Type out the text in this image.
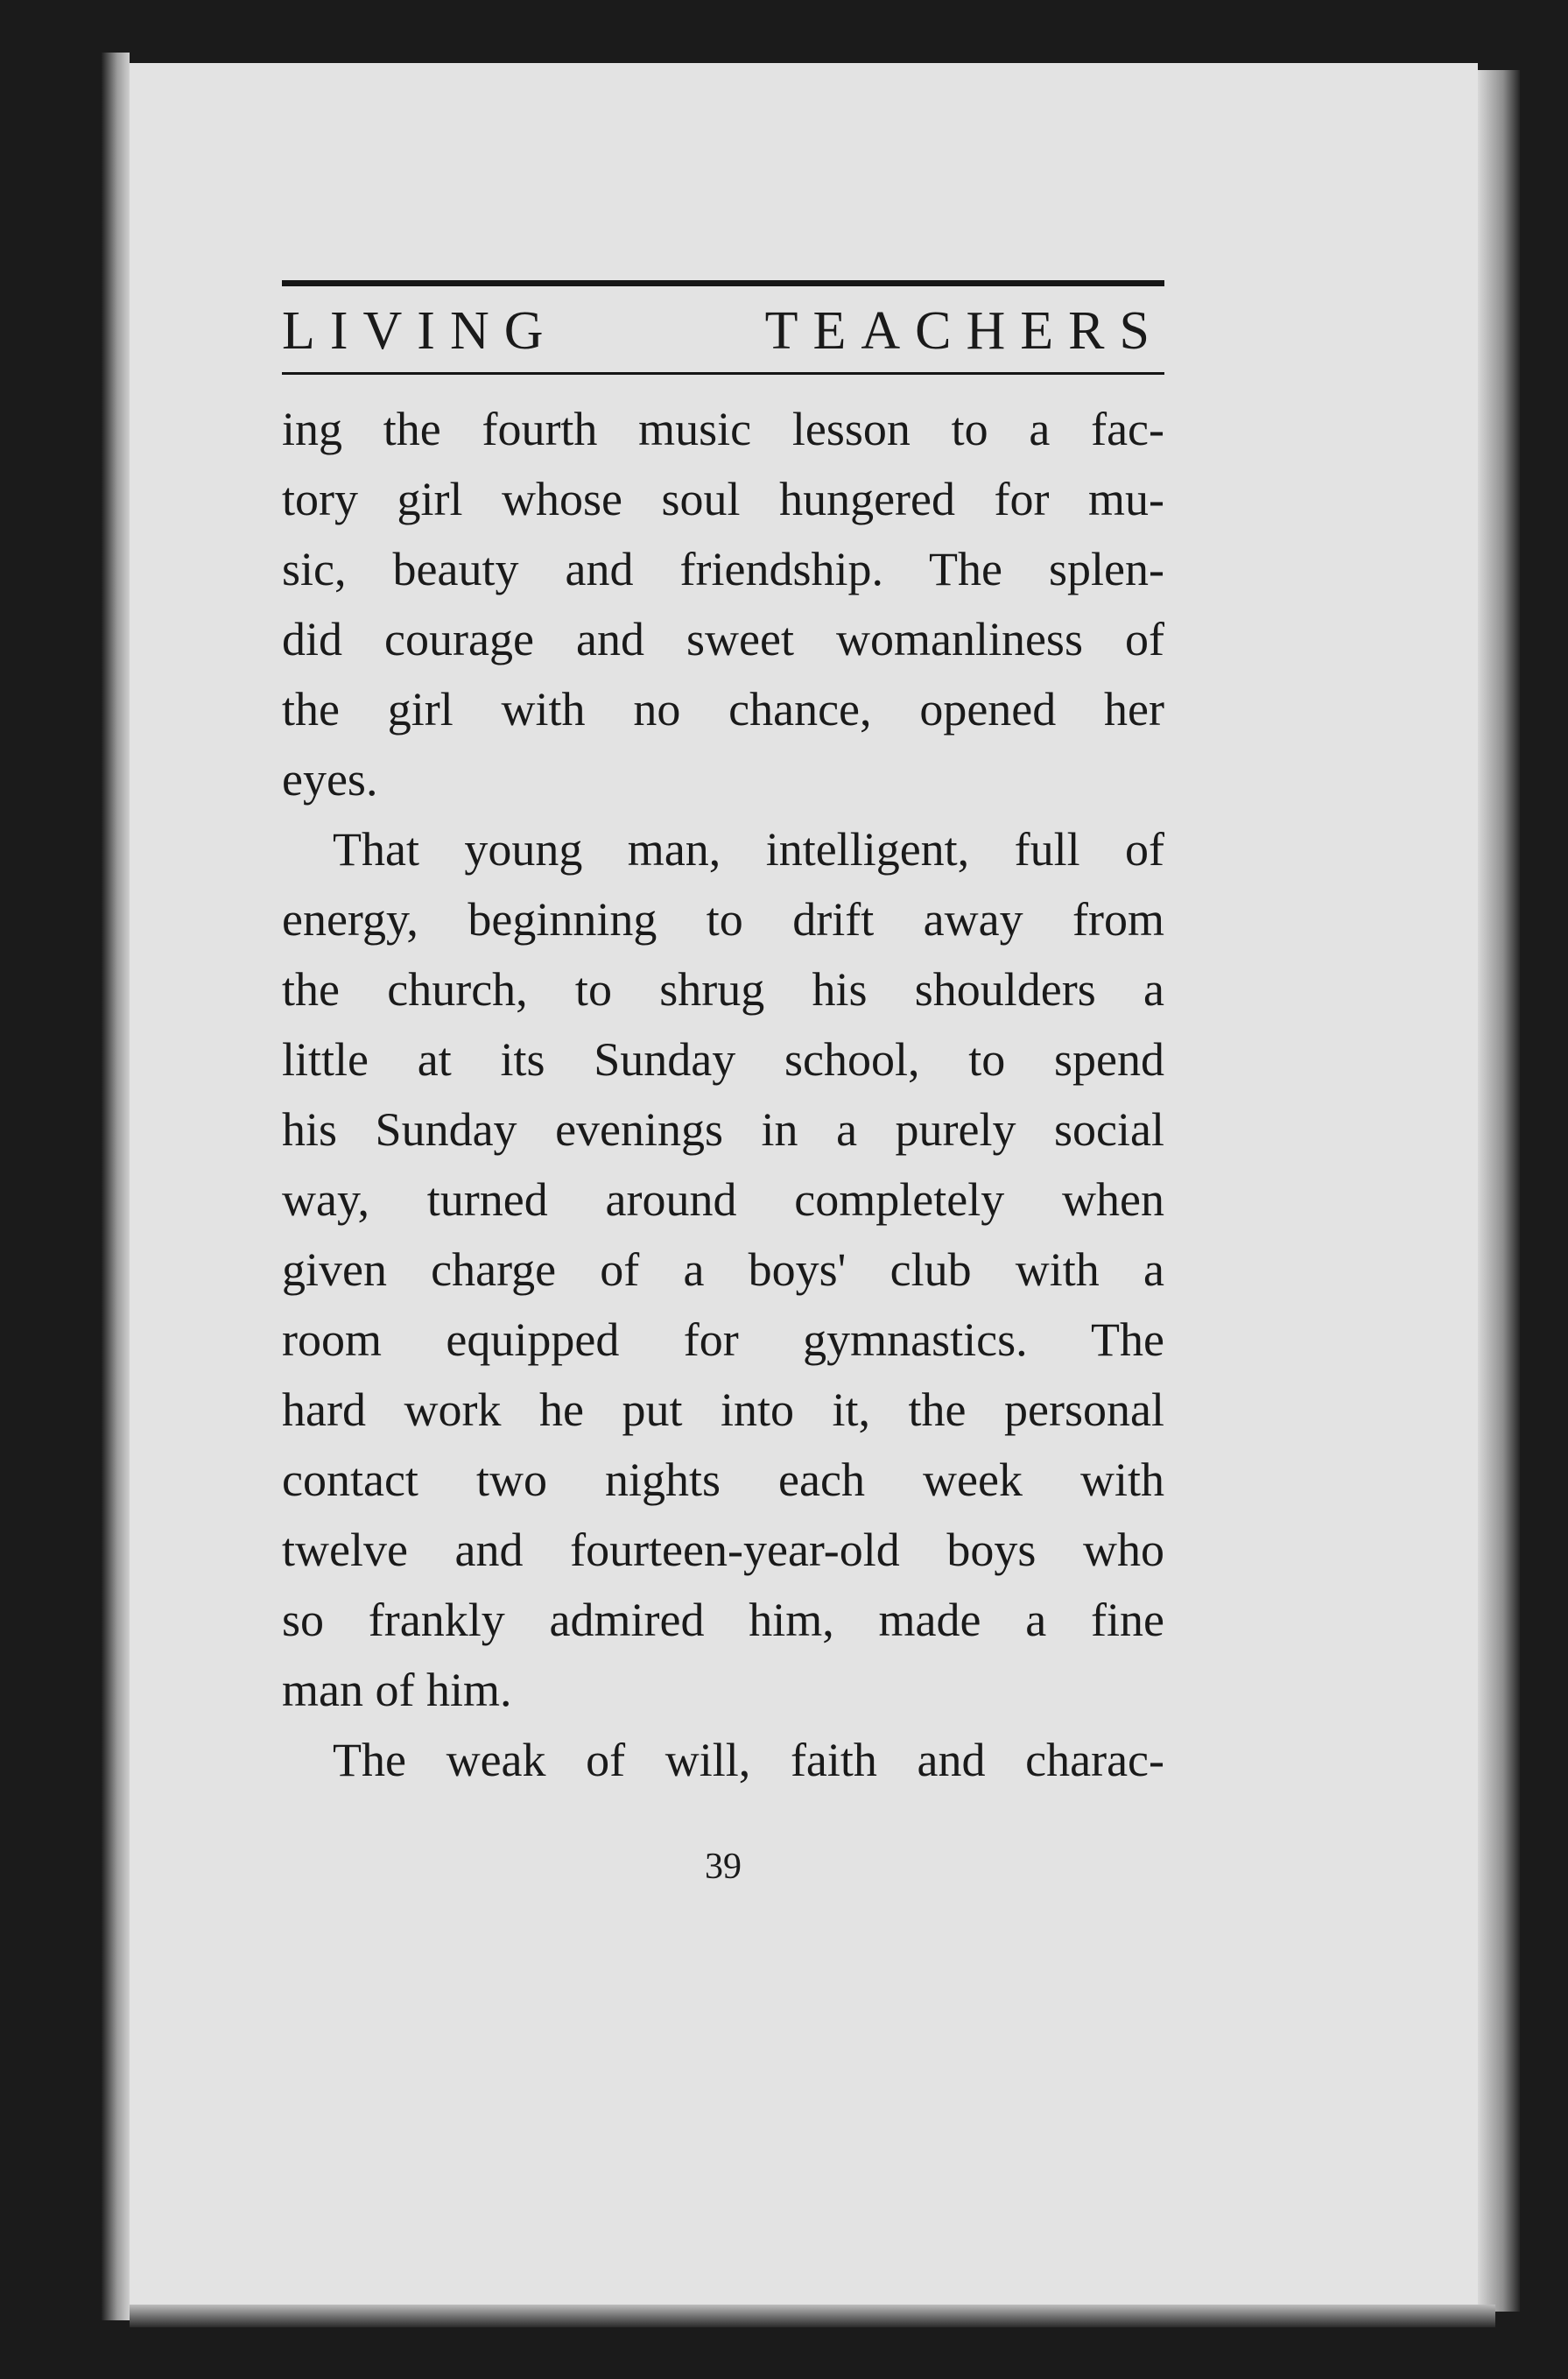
LIVING	TEACHERS
ing the fourth music lesson to a fac-
tory girl whose soul hungered for mu-
sic, beauty and friendship. The splen-
did courage and sweet womanliness of
the girl with no chance, opened her
eyes.
That young man, intelligent, full of
energy, beginning to drift away from
the church, to shrug his shoulders a
little at its Sunday school, to spend
his Sunday evenings in a purely social
way, turned around completely when
given charge of a boys' club with a
room equipped for gymnastics. The
hard work he put into it, the personal
contact two nights each week with
twelve and fourteen-year-old boys who
so frankly admired him, made a fine
man of him.
The weak of will, faith and charac-
39
